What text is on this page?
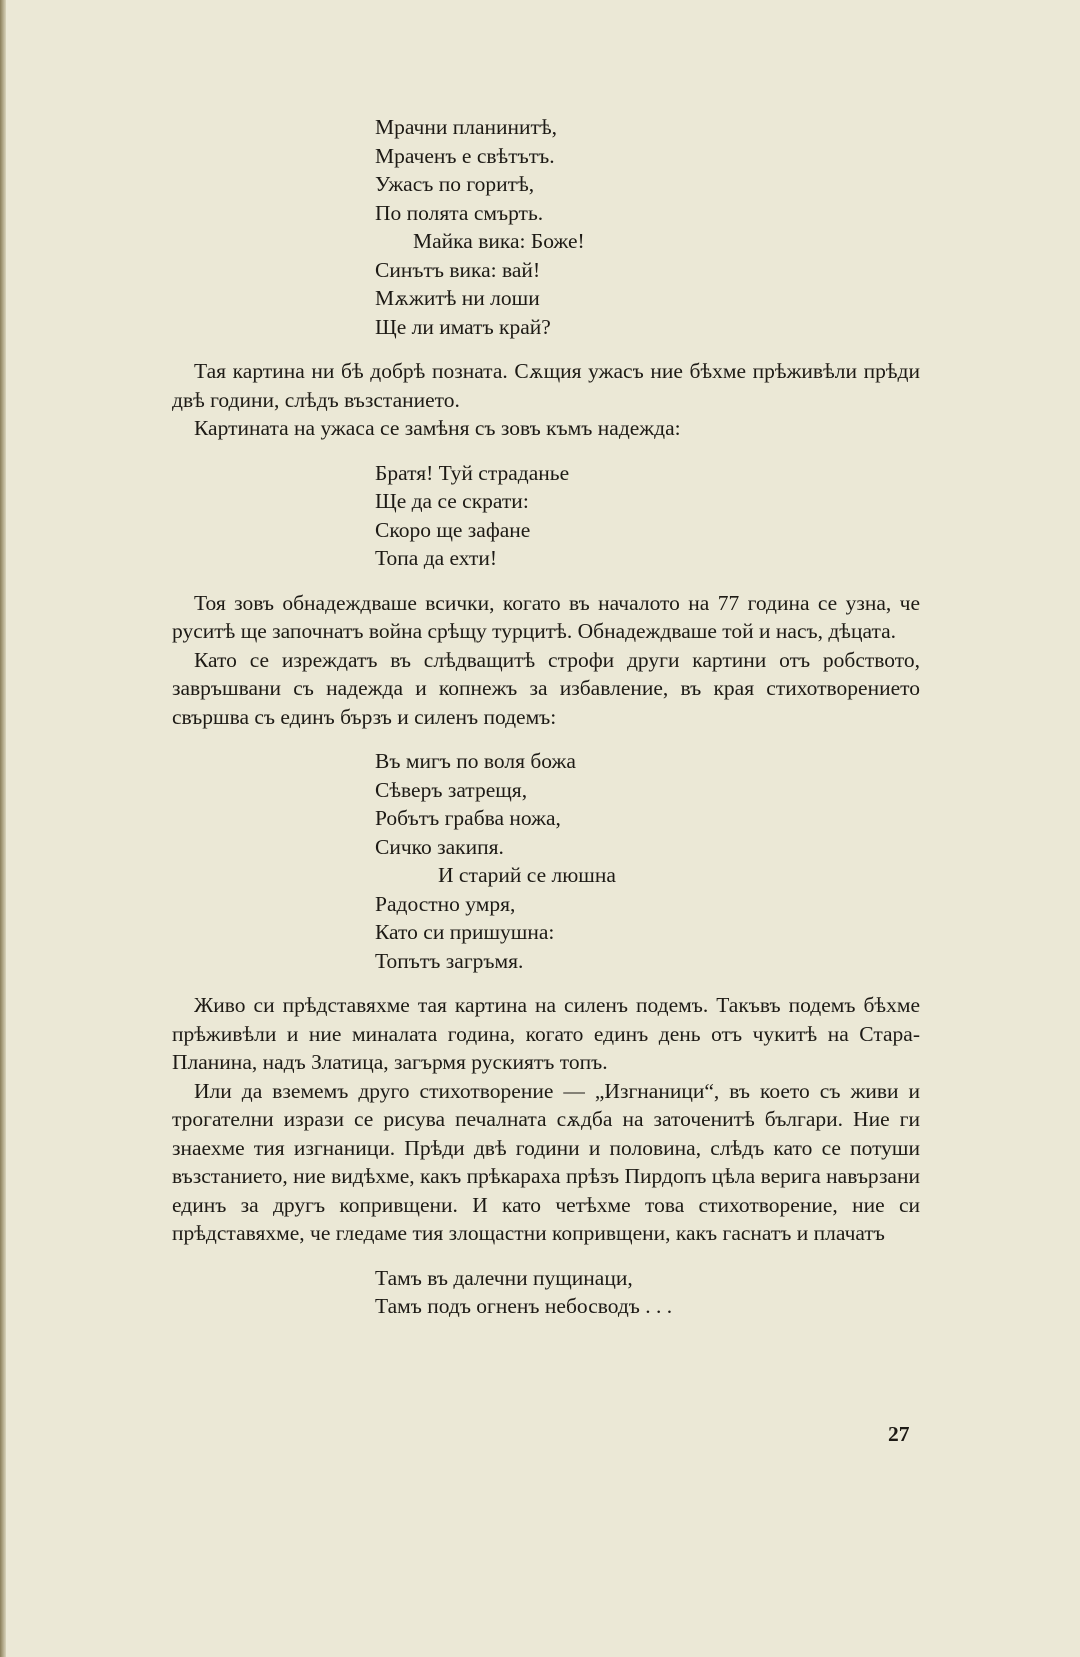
Мрачни планинитѣ,
Мраченъ е свѣтътъ.
Ужасъ по горитѣ,
По полята смърть.
Майка вика: Боже!
Синътъ вика: вай!
Мѫжитѣ ни лоши
Ще ли иматъ край?

Тая картина ни бѣ добрѣ позната. Сѫщия ужасъ ние бѣхме прѣживѣли прѣди двѣ години, слѣдъ възстанието.

Картината на ужаса се замѣня съ зовъ къмъ надежда:

Братя! Туй страданье
Ще да се скрати:
Скоро ще зафане
Топа да ехти!

Тоя зовъ обнадеждваше всички, когато въ началото на 77 година се узна, че руситѣ ще започнатъ война срѣщу турцитѣ. Обнадеждваше той и насъ, дѣцата.

Като се изреждатъ въ слѣдващитѣ строфи други картини отъ робството, завръшвани съ надежда и копнежъ за избавление, въ края стихотворението свършва съ единъ бързъ и силенъ подемъ:

Въ мигъ по воля божа
Сѣверъ затрещя,
Робътъ грабва ножа,
Сичко закипя.
И старий се люшна
Радостно умря,
Като си пришушна:
Топътъ загръмя.

Живо си прѣдставяхме тая картина на силенъ подемъ. Такъвъ подемъ бѣхме прѣживѣли и ние миналата година, когато единъ день отъ чукитѣ на Стара-Планина, надъ Златица, загърмя рускиятъ топъ.

Или да вземемъ друго стихотворение — „Изгнаници“, въ което съ живи и трогателни изрази се рисува печалната сѫдба на заточенитѣ българи. Ние ги знаехме тия изгнаници. Прѣди двѣ години и половина, слѣдъ като се потуши възстанието, ние видѣхме, какъ прѣкараха прѣзъ Пирдопъ цѣла верига навързани единъ за другъ копривщени. И като четѣхме това стихотворение, ние си прѣдставяхме, че гледаме тия злощастни копривщени, какъ гаснатъ и плачатъ

Тамъ въ далечни пущинаци,
Тамъ подъ огненъ небосводъ . . .
27
